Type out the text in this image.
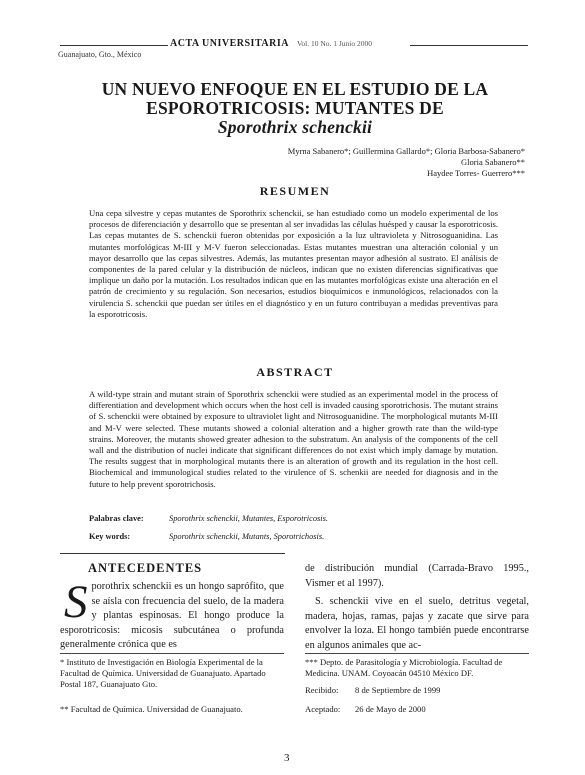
ACTA UNIVERSITARIA Vol. 10 No. 1 Junio 2000
Guanajuato, Gto., México
UN NUEVO ENFOQUE EN EL ESTUDIO DE LA
ESPOROTRICOSIS: MUTANTES DE
Sporothrix schenckii
Myrna Sabanero*; Guillermina Gallardo*; Gloria Barbosa-Sabanero*
Gloria Sabanero**
Haydee Torres- Guerrero***
RESUMEN
Una cepa silvestre y cepas mutantes de Sporothrix schenckii, se han estudiado como un modelo experimental de los procesos de diferenciación y desarrollo que se presentan al ser invadidas las células huésped y causar la esporotricosis. Las cepas mutantes de S. schenckii fueron obtenidas por exposición a la luz ultravioleta y Nitrosoguanidina. Las mutantes morfológicas M-III y M-V fueron seleccionadas. Estas mutantes muestran una alteración colonial y un mayor desarrollo que las cepas silvestres. Además, las mutantes presentan mayor adhesión al sustrato. El análisis de componentes de la pared celular y la distribución de núcleos, indican que no existen diferencias significativas que implique un daño por la mutación. Los resultados indican que en las mutantes morfológicas existe una alteración en el patrón de crecimiento y su regulación. Son necesarios, estudios bioquímicos e inmunológicos, relacionados con la virulencia S. schenckii que puedan ser útiles en el diagnóstico y en un futuro contribuyan a medidas preventivas para la esporotricosis.
ABSTRACT
A wild-type strain and mutant strain of Sporothrix schenckii were studied as an experimental model in the process of differentiation and development which occurs when the host cell is invaded causing sporotrichosis. The mutant strains of S. schenckii were obtained by exposure to ultraviolet light and Nitrosoguanidine. The morphological mutants M-III and M-V were selected. These mutants showed a colonial alteration and a higher growth rate than the wild-type strains. Moreover, the mutants showed greater adhesion to the substratum. An analysis of the components of the cell wall and the distribution of nuclei indicate that significant differences do not exist which imply damage by mutation. The results suggest that in morphological mutants there is an alteration of growth and its regulation in the host cell. Biochemical and immunological studies related to the virulence of S. schenkii are needed for diagnosis and in the future to help prevent sporotrichosis.
Palabras clave:	Sporothrix schenckii, Mutantes, Esporotricosis.
Key words:	Sporothrix schenckii, Mutants, Sporotrichosis.
ANTECEDENTES
Sporothrix schenckii es un hongo saprófito, que se aísla con frecuencia del suelo, de la madera y plantas espinosas. El hongo produce la esporotricosis: micosis subcutánea o profunda generalmente crónica que es
de distribución mundial (Carrada-Bravo 1995., Vismer et al 1997).
S. schenckii vive en el suelo, detritus vegetal, madera, hojas, ramas, pajas y zacate que sirve para envolver la loza. El hongo también puede encontrarse en algunos animales que ac-
* Instituto de Investigación en Biología Experimental de la Facultad de Química. Universidad de Guanajuato. Apartado Postal 187, Guanajuato Gto.
** Facultad de Química. Universidad de Guanajuato.
*** Depto. de Parasitología y Microbiología. Facultad de Medicina. UNAM. Coyoacán 04510 México DF.
Recibido: 8 de Septiembre de 1999
Aceptado: 26 de Mayo de 2000
3
